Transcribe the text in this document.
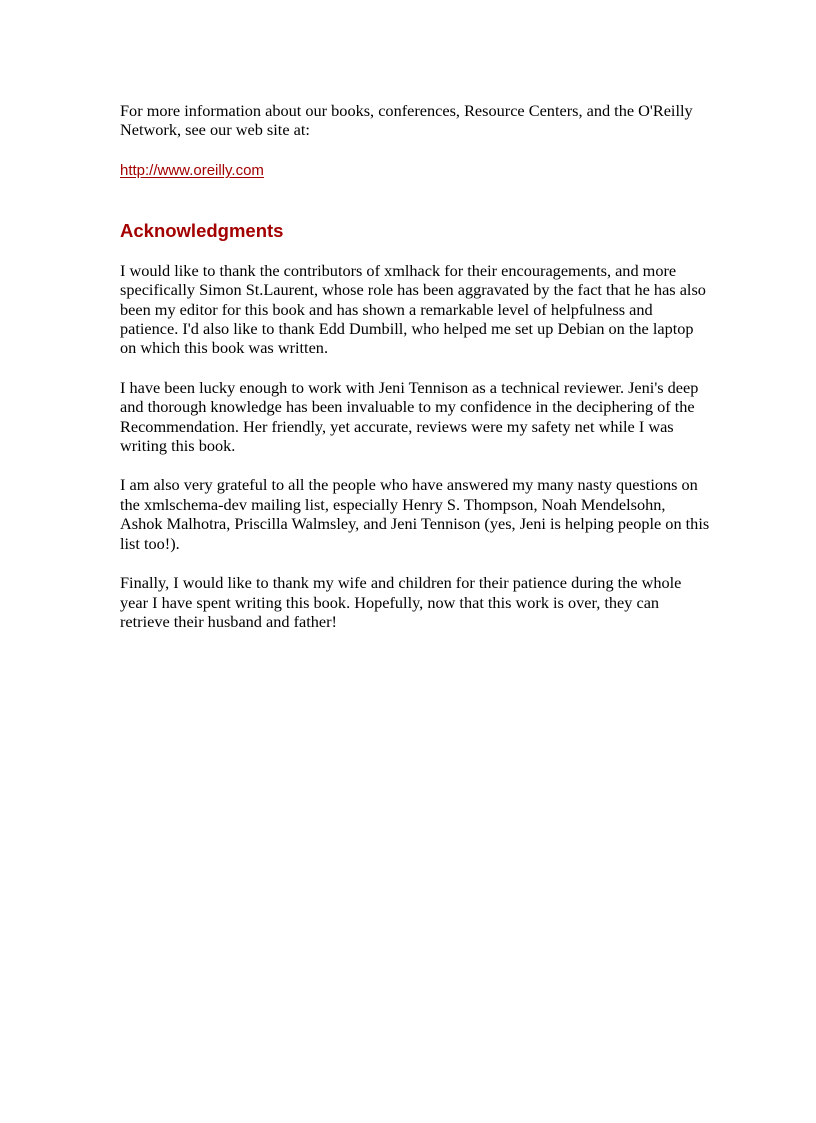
For more information about our books, conferences, Resource Centers, and the O'Reilly Network, see our web site at:

http://www.oreilly.com
Acknowledgments

I would like to thank the contributors of xmlhack for their encouragements, and more specifically Simon St.Laurent, whose role has been aggravated by the fact that he has also been my editor for this book and has shown a remarkable level of helpfulness and patience. I'd also like to thank Edd Dumbill, who helped me set up Debian on the laptop on which this book was written.

I have been lucky enough to work with Jeni Tennison as a technical reviewer. Jeni's deep and thorough knowledge has been invaluable to my confidence in the deciphering of the Recommendation. Her friendly, yet accurate, reviews were my safety net while I was writing this book.

I am also very grateful to all the people who have answered my many nasty questions on the xmlschema-dev mailing list, especially Henry S. Thompson, Noah Mendelsohn, Ashok Malhotra, Priscilla Walmsley, and Jeni Tennison (yes, Jeni is helping people on this list too!).

Finally, I would like to thank my wife and children for their patience during the whole year I have spent writing this book. Hopefully, now that this work is over, they can retrieve their husband and father!
